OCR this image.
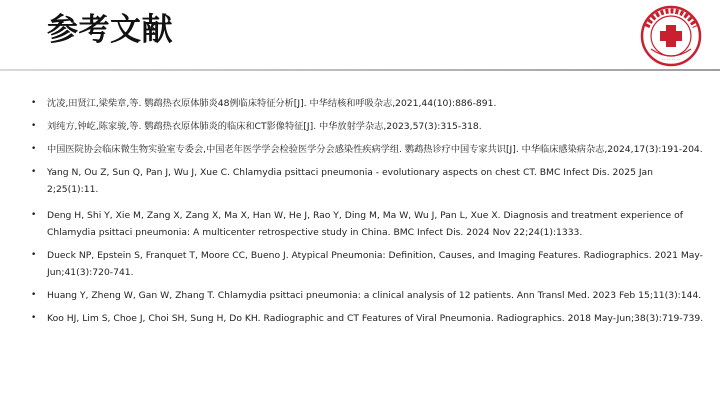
参考文献
· · · · · · · ·
• 沈凌,田贤江,梁柴章,等. 鹦鹉热衣原体肺炎48例临床特征分析[J]. 中华结核和呼吸杂志,2021,44(10):886-891.
• 刘纯方,钟屹,陈家骏,等. 鹦鹉热衣原体肺炎的临床和CT影像特征[J]. 中华放射学杂志,2023,57(3):315-318.
• 中国医院协会临床微生物实验室专委会,中国老年医学学会检验医学分会感染性疾病学组. 鹦鹉热诊疗中国专家共识[J]. 中华临床感染病杂志,2024,17(3):191-204.
• Yang N, Ou Z, Sun Q, Pan J, Wu J, Xue C. Chlamydia psittaci pneumonia - evolutionary aspects on chest CT. BMC Infect Dis. 2025 Jan 2;25(1):11.
• Deng H, Shi Y, Xie M, Zang X, Zang X, Ma X, Han W, He J, Rao Y, Ding M, Ma W, Wu J, Pan L, Xue X. Diagnosis and treatment experience of Chlamydia psittaci pneumonia: A multicenter retrospective study in China. BMC Infect Dis. 2024 Nov 22;24(1):1333.
• Dueck NP, Epstein S, Franquet T, Moore CC, Bueno J. Atypical Pneumonia: Definition, Causes, and Imaging Features. Radiographics. 2021 May-Jun;41(3):720-741.
• Huang Y, Zheng W, Gan W, Zhang T. Chlamydia psittaci pneumonia: a clinical analysis of 12 patients. Ann Transl Med. 2023 Feb 15;11(3):144.
• Koo HJ, Lim S, Choe J, Choi SH, Sung H, Do KH. Radiographic and CT Features of Viral Pneumonia. Radiographics. 2018 May-Jun;38(3):719-739.
